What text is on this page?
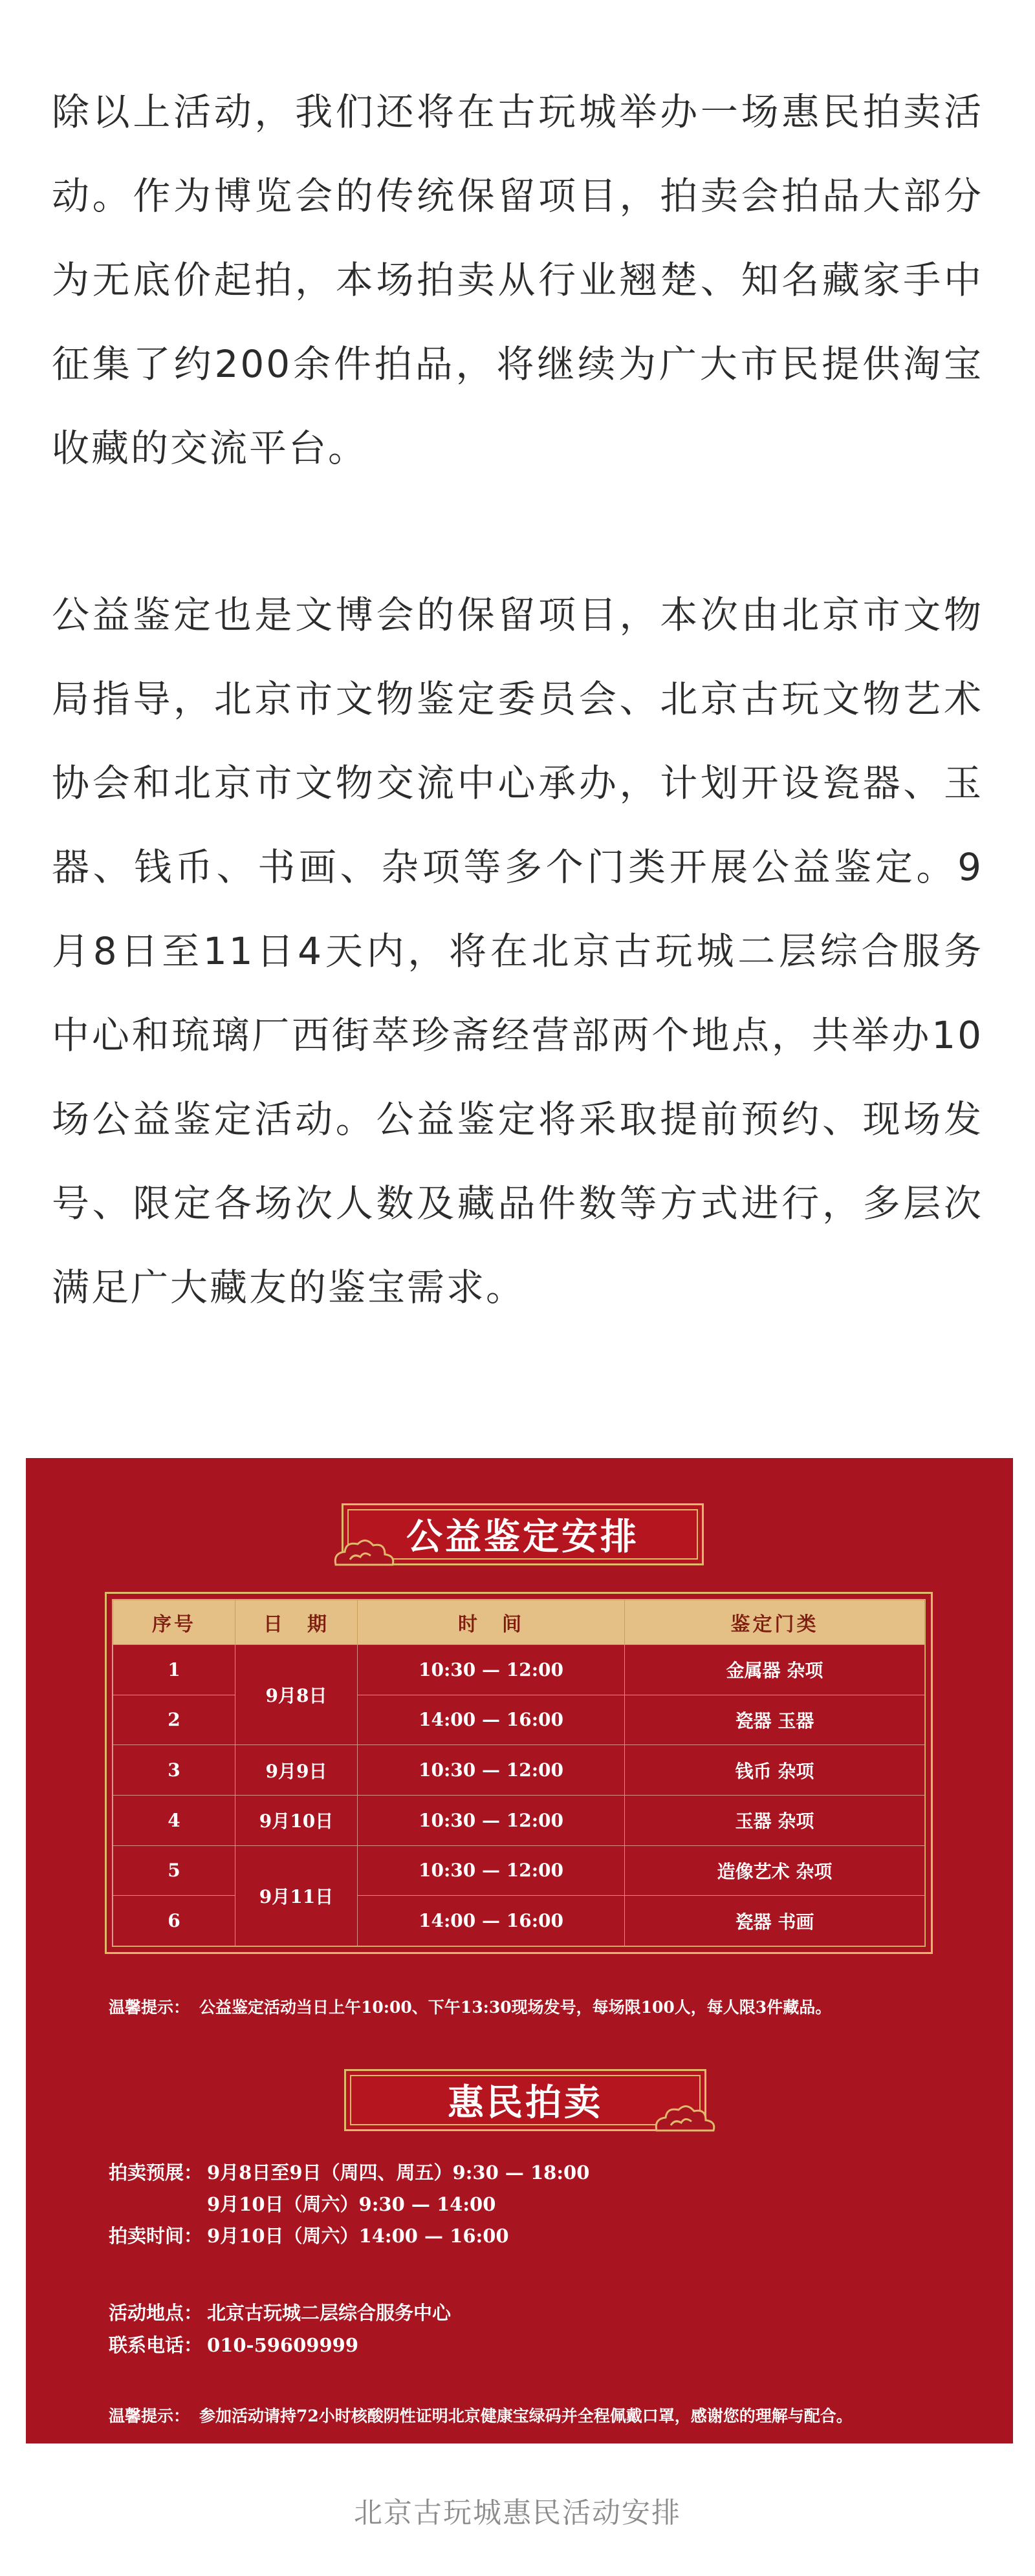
除以上活动，我们还将在古玩城举办一场惠民拍卖活动。作为博览会的传统保留项目，拍卖会拍品大部分为无底价起拍，本场拍卖从行业翘楚、知名藏家手中征集了约200余件拍品，将继续为广大市民提供淘宝收藏的交流平台。

公益鉴定也是文博会的保留项目，本次由北京市文物局指导，北京市文物鉴定委员会、北京古玩文物艺术协会和北京市文物交流中心承办，计划开设瓷器、玉器、钱币、书画、杂项等多个门类开展公益鉴定。9月8日至11日4天内，将在北京古玩城二层综合服务中心和琉璃厂西街萃珍斋经营部两个地点，共举办10场公益鉴定活动。公益鉴定将采取提前预约、现场发号、限定各场次人数及藏品件数等方式进行，多层次满足广大藏友的鉴宝需求。

公益鉴定安排
序号	日　期	时　间	鉴定门类
1	9月8日	10:30 — 12:00	金属器 杂项
2		14:00 — 16:00	瓷器 玉器
3	9月9日	10:30 — 12:00	钱币 杂项
4	9月10日	10:30 — 12:00	玉器 杂项
5	9月11日	10:30 — 12:00	造像艺术 杂项
6		14:00 — 16:00	瓷器 书画
温馨提示： 公益鉴定活动当日上午10:00、下午13:30现场发号，每场限100人，每人限3件藏品。
惠民拍卖
拍卖预展： 9月8日至9日（周四、周五）9:30 — 18:00
9月10日（周六）9:30 — 14:00
拍卖时间： 9月10日（周六）14:00 — 16:00
活动地点： 北京古玩城二层综合服务中心
联系电话： 010-59609999
温馨提示： 参加活动请持72小时核酸阴性证明北京健康宝绿码并全程佩戴口罩，感谢您的理解与配合。
北京古玩城惠民活动安排
